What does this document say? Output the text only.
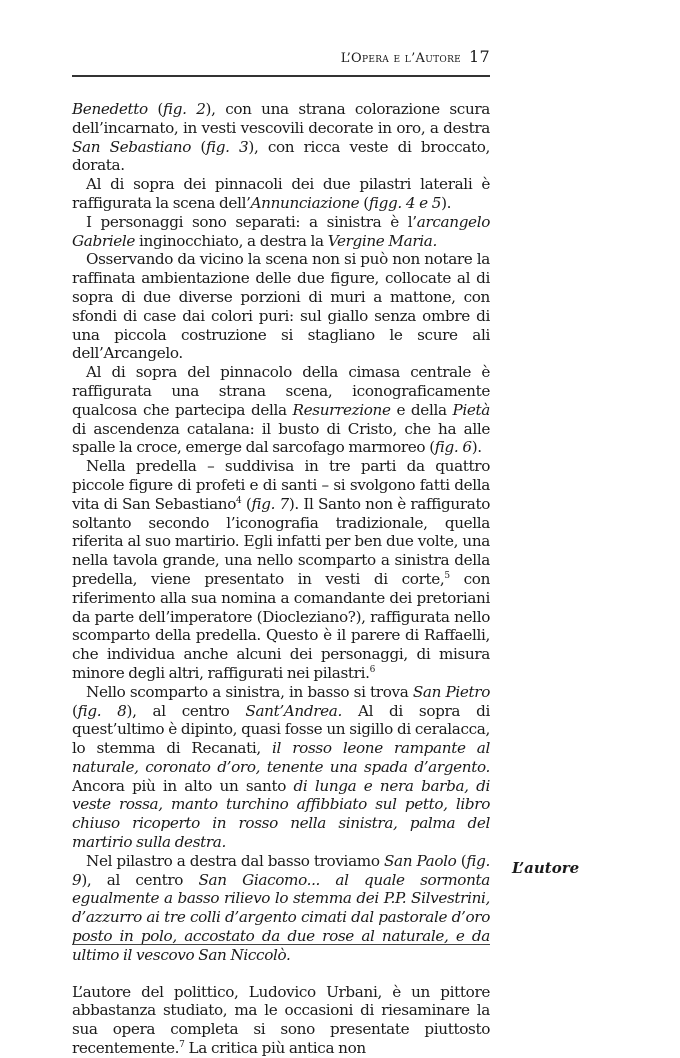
L’Opera e l’Autore 17

Benedetto (fig. 2), con una strana colorazione scura dell’incarnato, in vesti vescovili decorate in oro, a destra San Sebastiano (fig. 3), con ricca veste di broccato, dorata.

Al di sopra dei pinnacoli dei due pilastri laterali è raffigurata la scena dell’Annunciazione (figg. 4 e 5).

I personaggi sono separati: a sinistra è l’arcangelo Gabriele inginocchiato, a destra la Vergine Maria.

Osservando da vicino la scena non si può non notare la raffinata ambientazione delle due figure, collocate al di sopra di due diverse porzioni di muri a mattone, con sfondi di case dai colori puri: sul giallo senza ombre di una piccola costruzione si stagliano le scure ali dell’Arcangelo.

Al di sopra del pinnacolo della cimasa centrale è raffigurata una strana scena, iconograficamente qualcosa che partecipa della Resurrezione e della Pietà di ascendenza catalana: il busto di Cristo, che ha alle spalle la croce, emerge dal sarcofago marmoreo (fig. 6).

Nella predella – suddivisa in tre parti da quattro piccole figure di profeti e di santi – si svolgono fatti della vita di San Sebastiano$^4$ (fig. 7). Il Santo non è raffigurato soltanto secondo l’iconografia tradizionale, quella riferita al suo martirio. Egli infatti per ben due volte, una nella tavola grande, una nello scomparto a sinistra della predella, viene presentato in vesti di corte,$^5$ con riferimento alla sua nomina a comandante dei pretoriani da parte dell’imperatore (Diocleziano?), raffigurata nello scomparto della predella. Questo è il parere di Raffaelli, che individua anche alcuni dei personaggi, di misura minore degli altri, raffigurati nei pilastri.$^6$

Nello scomparto a sinistra, in basso si trova San Pietro (fig. 8), al centro Sant’Andrea. Al di sopra di quest’ultimo è dipinto, quasi fosse un sigillo di ceralacca, lo stemma di Recanati, il rosso leone rampante al naturale, coronato d’oro, tenente una spada d’argento. Ancora più in alto un santo di lunga e nera barba, di veste rossa, manto turchino affibbiato sul petto, libro chiuso ricoperto in rosso nella sinistra, palma del martirio sulla destra.

Nel pilastro a destra dal basso troviamo San Paolo (fig. 9), al centro San Giacomo... al quale sormonta egualmente a basso rilievo lo stemma dei P.P. Silvestrini, d’azzurro ai tre colli d’argento cimati dal pastorale d’oro posto in polo, accostato da due rose al naturale, e da ultimo il vescovo San Niccolò.

L’autore del polittico, Ludovico Urbani, è un pittore abbastanza studiato, ma le occasioni di riesaminare la sua opera completa si sono presentate piuttosto recentemente.$^7$ La critica più antica non

L’autore
